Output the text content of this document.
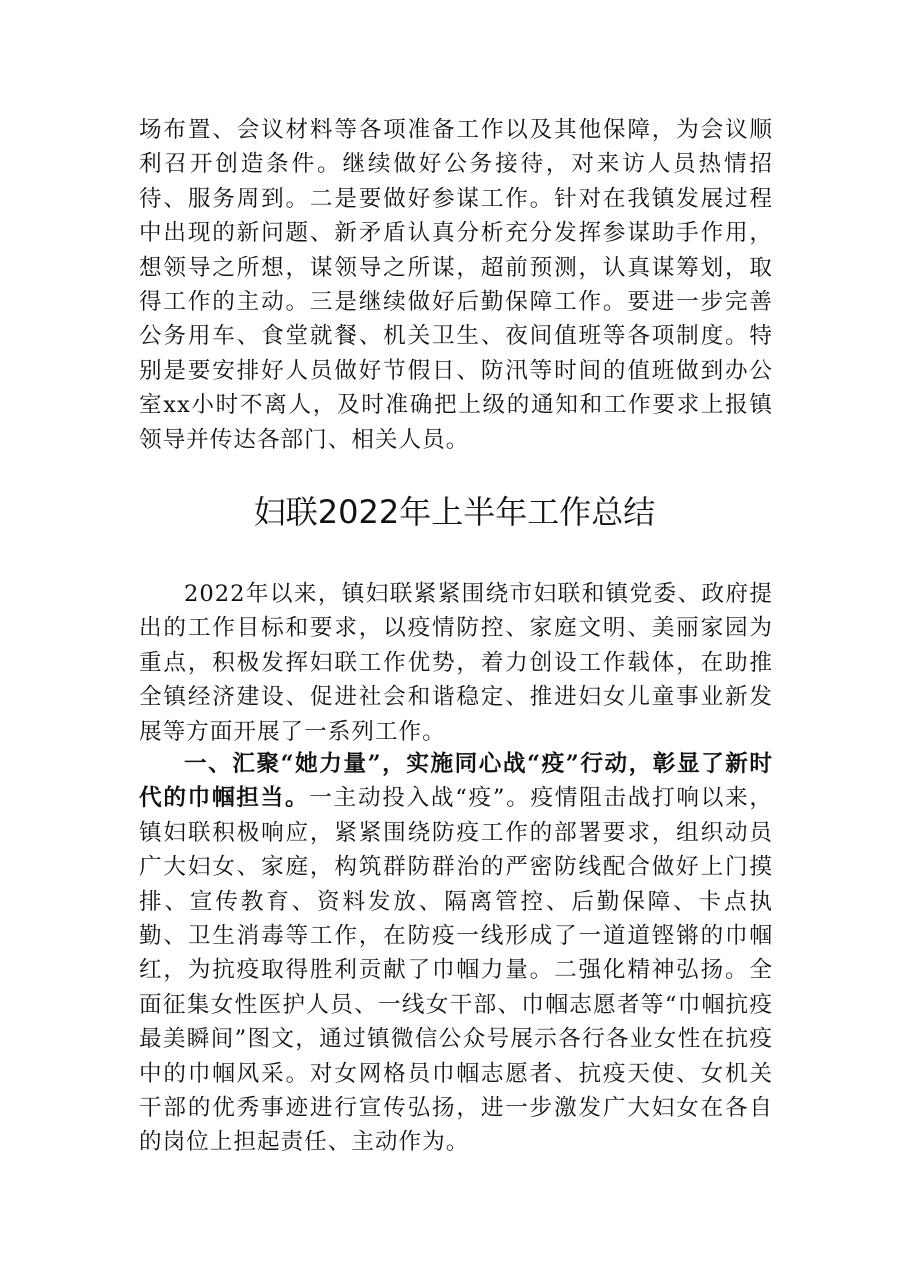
场布置、会议材料等各项准备工作以及其他保障，为会议顺利召开创造条件。继续做好公务接待，对来访人员热情招待、服务周到。二是要做好参谋工作。针对在我镇发展过程中出现的新问题、新矛盾认真分析充分发挥参谋助手作用，想领导之所想，谋领导之所谋，超前预测，认真谋筹划，取得工作的主动。三是继续做好后勤保障工作。要进一步完善公务用车、食堂就餐、机关卫生、夜间值班等各项制度。特别是要安排好人员做好节假日、防汛等时间的值班做到办公室xx小时不离人，及时准确把上级的通知和工作要求上报镇领导并传达各部门、相关人员。

妇联2022年上半年工作总结

2022年以来，镇妇联紧紧围绕市妇联和镇党委、政府提出的工作目标和要求，以疫情防控、家庭文明、美丽家园为重点，积极发挥妇联工作优势，着力创设工作载体，在助推全镇经济建设、促进社会和谐稳定、推进妇女儿童事业新发展等方面开展了一系列工作。

一、汇聚“她力量”，实施同心战“疫”行动，彰显了新时代的巾帼担当。一主动投入战“疫”。疫情阻击战打响以来，镇妇联积极响应，紧紧围绕防疫工作的部署要求，组织动员广大妇女、家庭，构筑群防群治的严密防线配合做好上门摸排、宣传教育、资料发放、隔离管控、后勤保障、卡点执勤、卫生消毒等工作，在防疫一线形成了一道道铿锵的巾帼红，为抗疫取得胜利贡献了巾帼力量。二强化精神弘扬。全面征集女性医护人员、一线女干部、巾帼志愿者等“巾帼抗疫最美瞬间”图文，通过镇微信公众号展示各行各业女性在抗疫中的巾帼风采。对女网格员巾帼志愿者、抗疫天使、女机关干部的优秀事迹进行宣传弘扬，进一步激发广大妇女在各自的岗位上担起责任、主动作为。
